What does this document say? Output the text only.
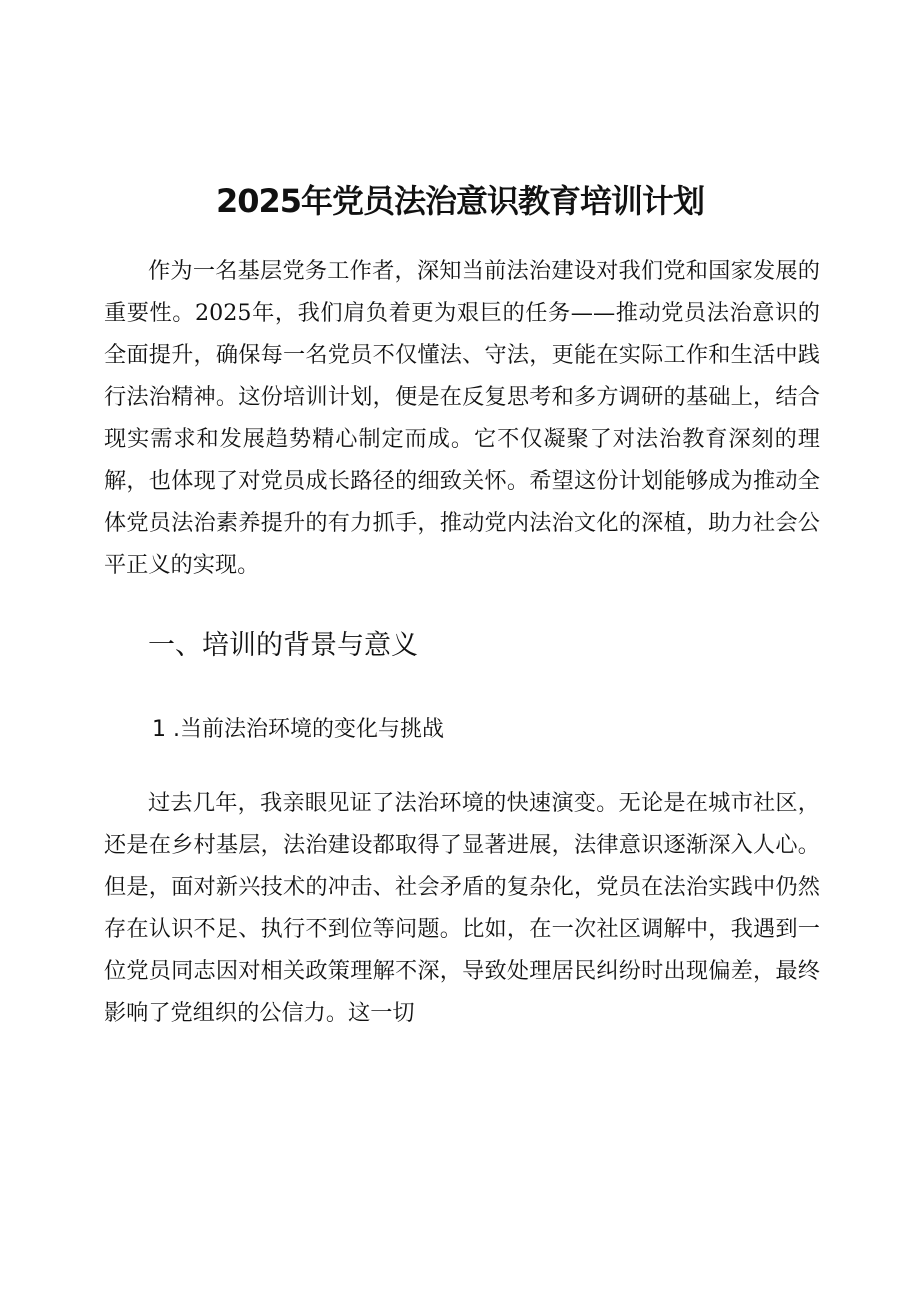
2025年党员法治意识教育培训计划

作为一名基层党务工作者，深知当前法治建设对我们党和国家发展的重要性。2025年，我们肩负着更为艰巨的任务——推动党员法治意识的全面提升，确保每一名党员不仅懂法、守法，更能在实际工作和生活中践行法治精神。这份培训计划，便是在反复思考和多方调研的基础上，结合现实需求和发展趋势精心制定而成。它不仅凝聚了对法治教育深刻的理解，也体现了对党员成长路径的细致关怀。希望这份计划能够成为推动全体党员法治素养提升的有力抓手，推动党内法治文化的深植，助力社会公平正义的实现。

一、培训的背景与意义
1 .当前法治环境的变化与挑战

过去几年，我亲眼见证了法治环境的快速演变。无论是在城市社区，还是在乡村基层，法治建设都取得了显著进展，法律意识逐渐深入人心。但是，面对新兴技术的冲击、社会矛盾的复杂化，党员在法治实践中仍然存在认识不足、执行不到位等问题。比如，在一次社区调解中，我遇到一位党员同志因对相关政策理解不深，导致处理居民纠纷时出现偏差，最终影响了党组织的公信力。这一切
